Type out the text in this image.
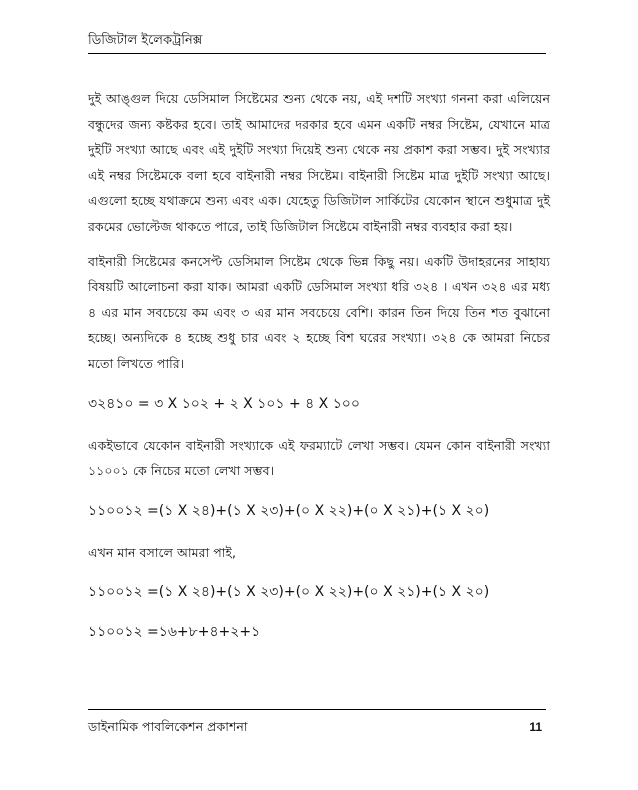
ডিজিটাল ইলেকট্রনিক্স

দুই আঙ্গুল দিয়ে ডেসিমাল সিষ্টেমের শুন্য থেকে নয়, এই দশটি সংখ্যা গননা করা এলিয়েন বন্ধুদের জন্য কষ্টকর হবে। তাই আমাদের দরকার হবে এমন একটি নম্বর সিষ্টেম, যেখানে মাত্র দুইটি সংখ্যা আছে এবং এই দুইটি সংখ্যা দিয়েই শুন্য থেকে নয় প্রকাশ করা সম্ভব। দুই সংখ্যার এই নম্বর সিষ্টেমকে বলা হবে বাইনারী নম্বর সিষ্টেম। বাইনারী সিষ্টেম মাত্র দুইটি সংখ্যা আছে। এগুলো হচ্ছে যথাক্রমে শুন্য এবং এক। যেহেতু ডিজিটাল সার্কিটের যেকোন স্থানে শুধুমাত্র দুই রকমের ভোল্টেজ থাকতে পারে, তাই ডিজিটাল সিষ্টেমে বাইনারী নম্বর ব্যবহার করা হয়।

বাইনারী সিষ্টেমের কনসেপ্ট ডেসিমাল সিষ্টেম থেকে ভিন্ন কিছু নয়। একটি উদাহরনের সাহায্য বিষয়টি আলোচনা করা যাক। আমরা একটি ডেসিমাল সংখ্যা ধরি ৩২৪ । এখন ৩২৪ এর মধ্য ৪ এর মান সবচেয়ে কম এবং ৩ এর মান সবচেয়ে বেশি। কারন তিন দিয়ে তিন শত বুঝানো হচ্ছে। অন্যদিকে ৪ হচ্ছে শুধু চার এবং ২ হচ্ছে বিশ ঘরের সংখ্যা। ৩২৪ কে আমরা নিচের মতো লিখতে পারি।

৩২৪১০ = ৩ X ১০২ + ২ X ১০১ + ৪ X ১০০

একইভাবে যেকোন বাইনারী সংখ্যাকে এই ফরম্যাটে লেখা সম্ভব। যেমন কোন বাইনারী সংখ্যা ১১০০১ কে নিচের মতো লেখা সম্ভব।

১১০০১২ =(১ X ২৪)+(১ X ২৩)+(০ X ২২)+(০ X ২১)+(১ X ২০)

এখন মান বসালে আমরা পাই,

১১০০১২ =(১ X ২৪)+(১ X ২৩)+(০ X ২২)+(০ X ২১)+(১ X ২০)
১১০০১২ =১৬+৮+৪+২+১
ডাইনামিক পাবলিকেশন প্রকাশনা	11
